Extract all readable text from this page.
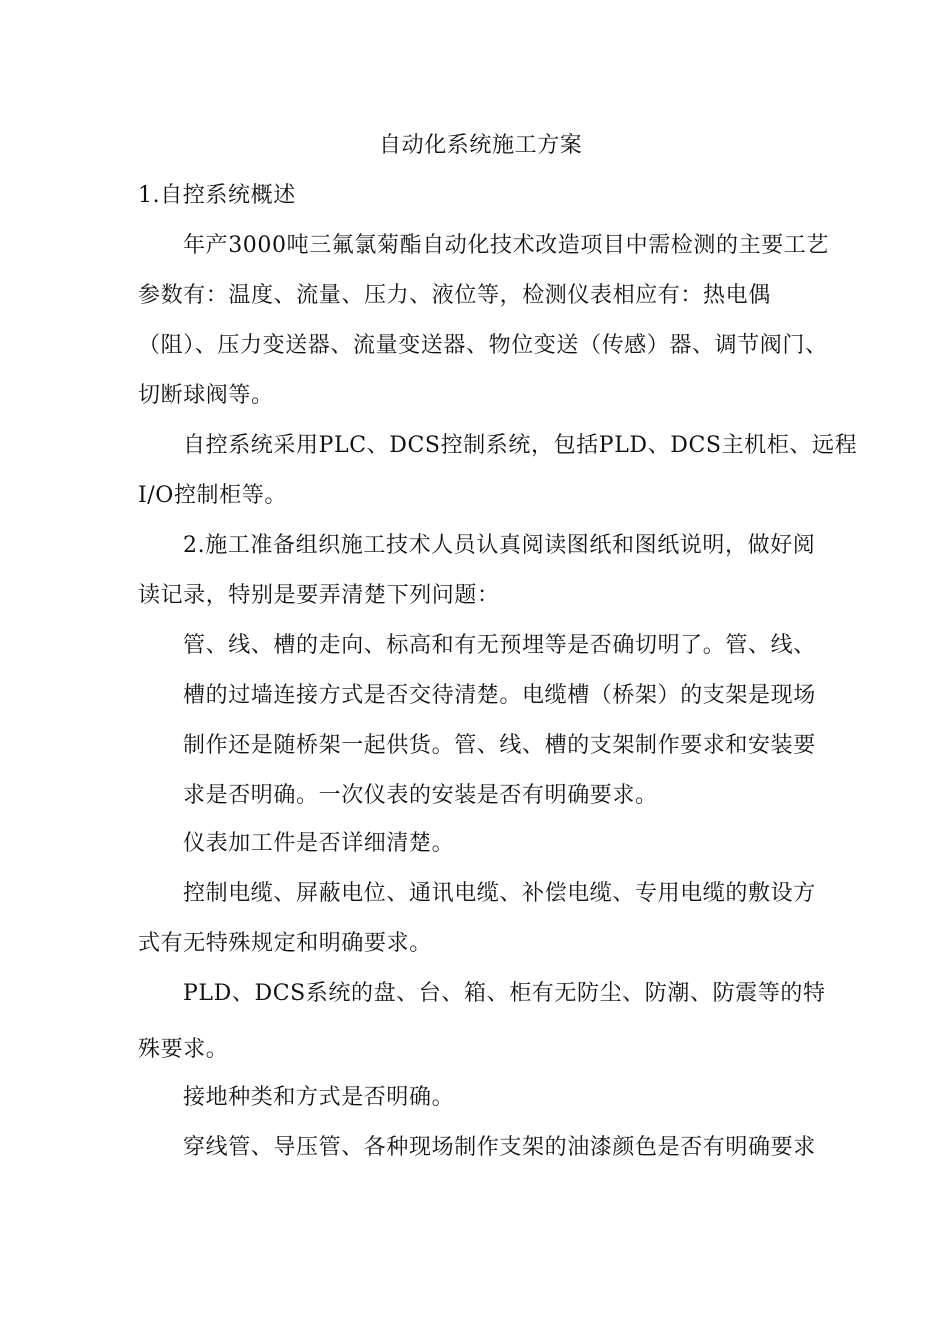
自动化系统施工方案
1.自控系统概述
年产3000吨三氟氯菊酯自动化技术改造项目中需检测的主要工艺
参数有：温度、流量、压力、液位等，检测仪表相应有：热电偶
（阻）、压力变送器、流量变送器、物位变送（传感）器、调节阀门、
切断球阀等。
自控系统采用PLC、DCS控制系统，包括PLD、DCS主机柜、远程
I/O控制柜等。
2.施工准备组织施工技术人员认真阅读图纸和图纸说明，做好阅
读记录，特别是要弄清楚下列问题：
管、线、槽的走向、标高和有无预埋等是否确切明了。管、线、
槽的过墙连接方式是否交待清楚。电缆槽（桥架）的支架是现场
制作还是随桥架一起供货。管、线、槽的支架制作要求和安装要
求是否明确。一次仪表的安装是否有明确要求。
仪表加工件是否详细清楚。
控制电缆、屏蔽电位、通讯电缆、补偿电缆、专用电缆的敷设方
式有无特殊规定和明确要求。
PLD、DCS系统的盘、台、箱、柜有无防尘、防潮、防震等的特
殊要求。
接地种类和方式是否明确。
穿线管、导压管、各种现场制作支架的油漆颜色是否有明确要求
